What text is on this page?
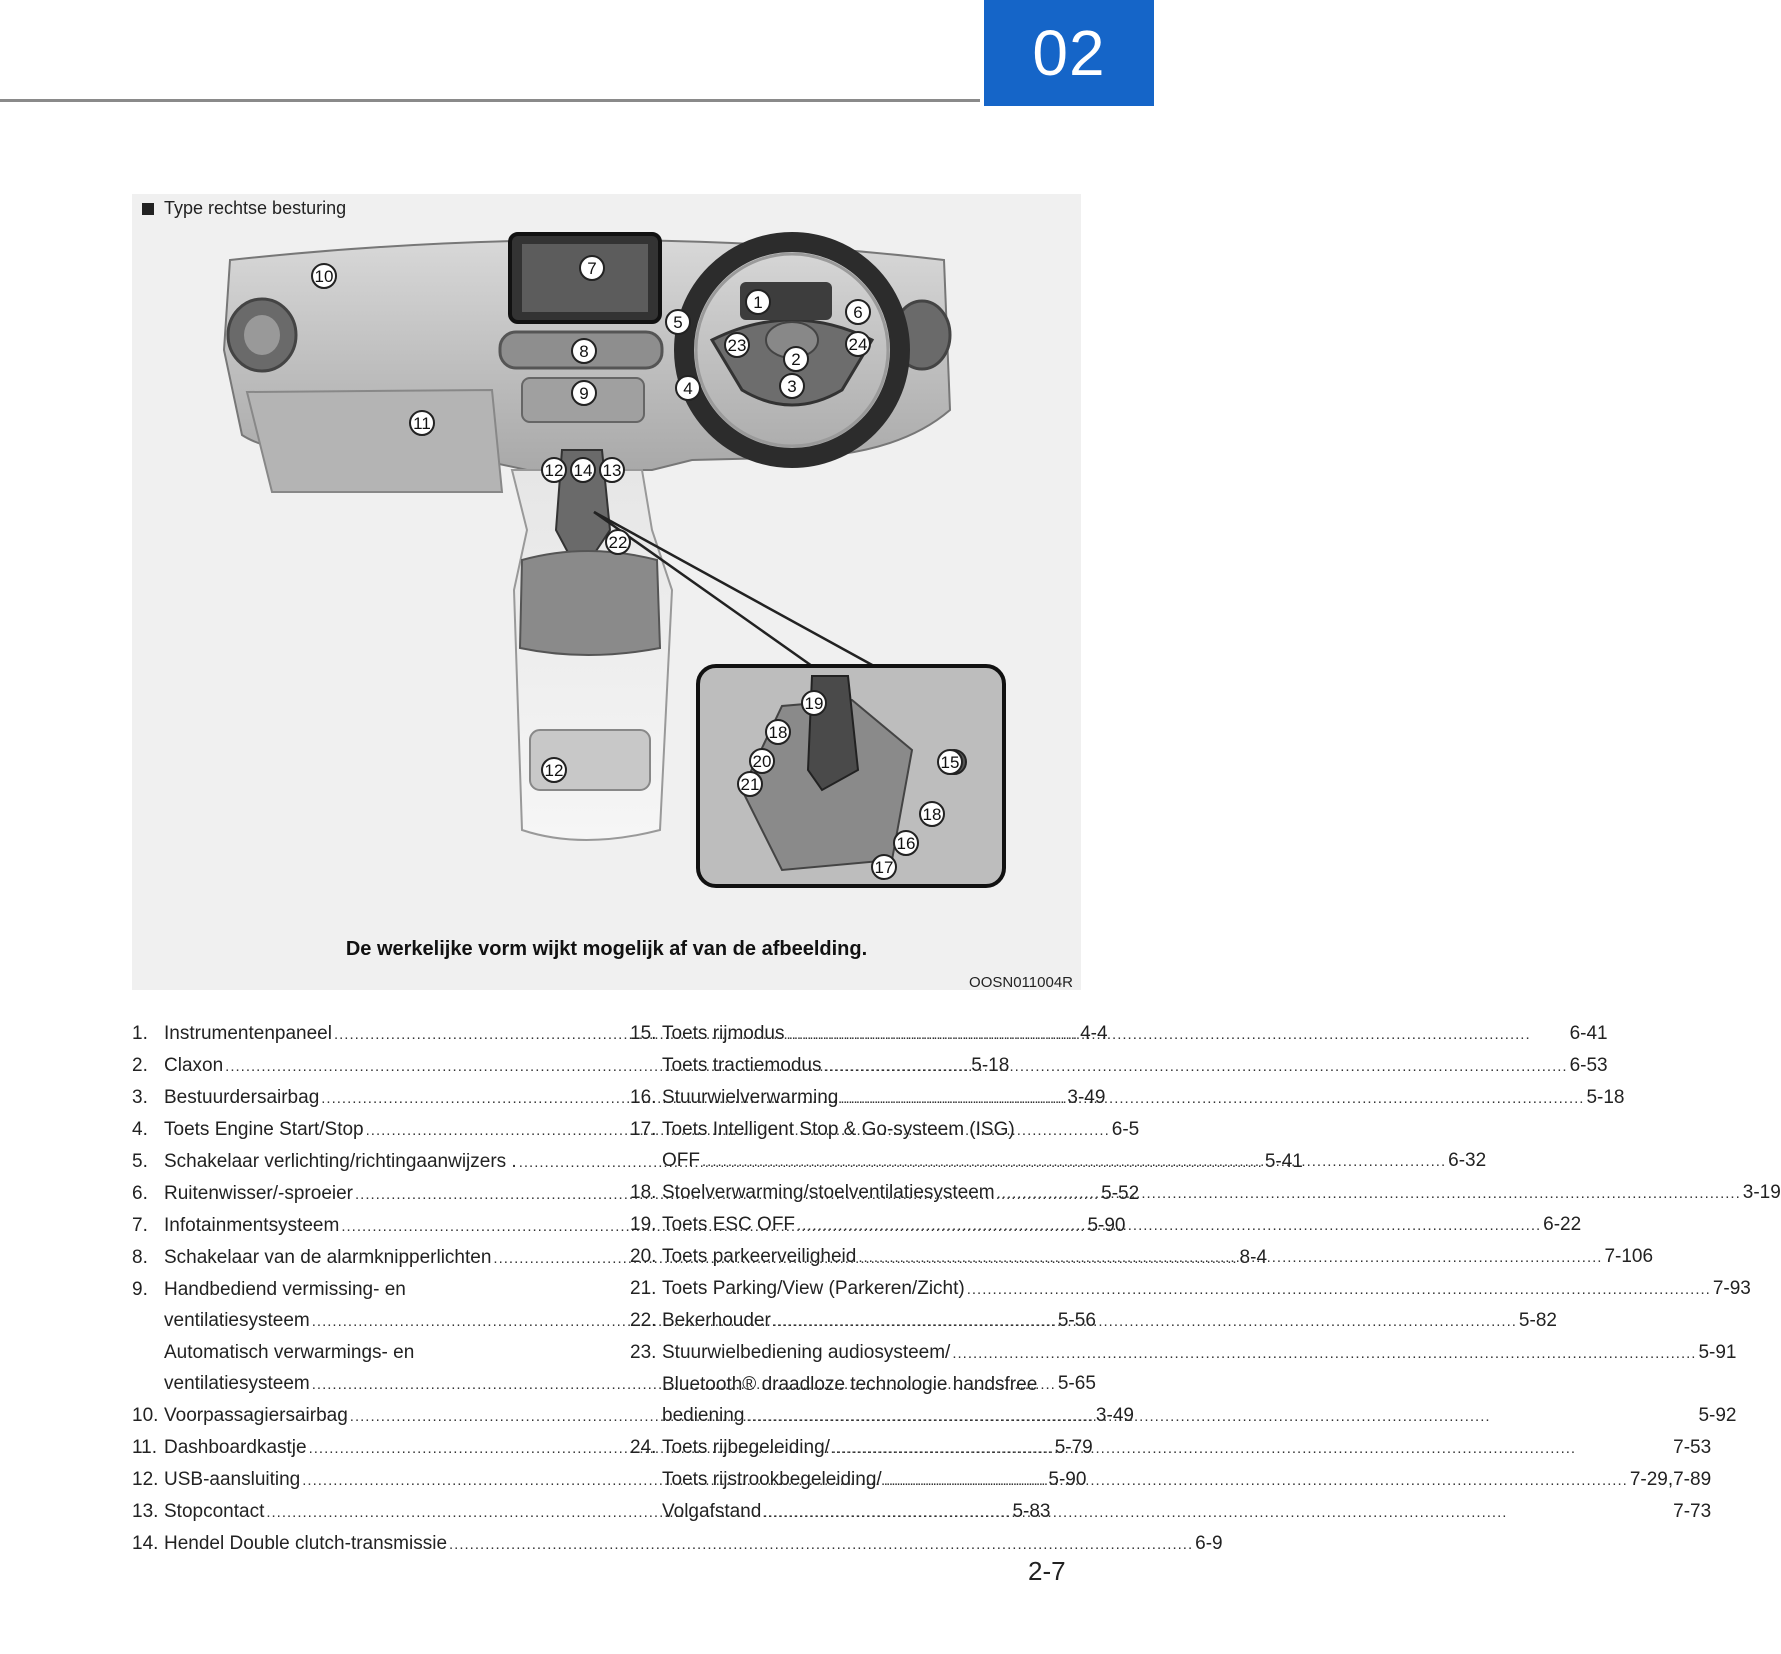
02
Type rechtse besturing
7
1
6
5
10
8	23
2
24
9	4	3
11
12 14 13
22
12
19
18
20
21
15
18
16
17
De werkelijke vorm wijkt mogelijk af van de afbeelding.
OOSN011004R
1. Instrumentenpaneel .....	4-4
2. Claxon .....	5-18
3. Bestuurdersairbag .....	3-49
4. Toets Engine Start/Stop .....	6-5
5. Schakelaar verlichting/richtingaanwijzers . .....	5-41
6. Ruitenwisser/-sproeier .....	5-52
7. Infotainmentsysteem .....	5-90
8. Schakelaar van de alarmknipperlichten .....	8-4
9. Handbediend vermissing- en
ventilatiesysteem .....	5-56
Automatisch verwarmings- en
ventilatiesysteem .....	5-65
10. Voorpassagiersairbag .....	3-49
11. Dashboardkastje .....	5-79
12. USB-aansluiting .....	5-90
13. Stopcontact .....	5-83
14. Hendel Double clutch-transmissie .....	6-9
15. Toets rijmodus .....	6-41
Toets tractiemodus .....	6-53
16. Stuurwielverwarming .....	5-18
17. Toets Intelligent Stop & Go-systeem (ISG)
OFF .....	6-32
18. Stoelverwarming/stoelventilatiesysteem .....	3-19
19. Toets ESC OFF .....	6-22
20. Toets parkeerveiligheid .....	7-106
21. Toets Parking/View (Parkeren/Zicht) .....	7-93
22. Bekerhouder .....	5-82
23. Stuurwielbediening audiosysteem/ .....	5-91
Bluetooth® draadloze technologie handsfree
bediening .....	5-92
24. Toets rijbegeleiding/ .....	7-53
Toets rijstrookbegeleiding/ .....	7-29,7-89
Volgafstand .....	7-73
2-7
